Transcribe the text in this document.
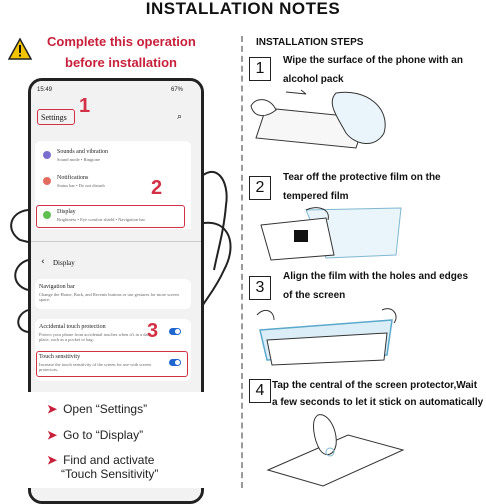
INSTALLATION NOTES
Complete this operation
before installation
15:49	67%
Settings	⌕
Sounds and vibration
Sound mode • Ringtone
Notifications
Status bar • Do not disturb
Display
Brightness • Eye comfort shield • Navigation bar
‹ Display
Navigation bar
Change the Home, Back, and Recents buttons or use gestures for more screen space.
Accidental touch protection
Protect your phone from accidental touches when it's in a dark place, such as a pocket or bag.
Touch sensitivity
Increase the touch sensitivity of the screen for use with screen protectors.
1
2
3
➤ Open “Settings”
➤ Go to “Display”
➤ Find and activate
“Touch Sensitivity”
INSTALLATION STEPS
1	Wipe the surface of the phone with an
alcohol pack
2
Tear off the protective film on the
tempered film
3
Align the film with the holes and edges
of the screen
4 Tap the central of the screen protector,Wait
a few seconds to let it stick on automatically
